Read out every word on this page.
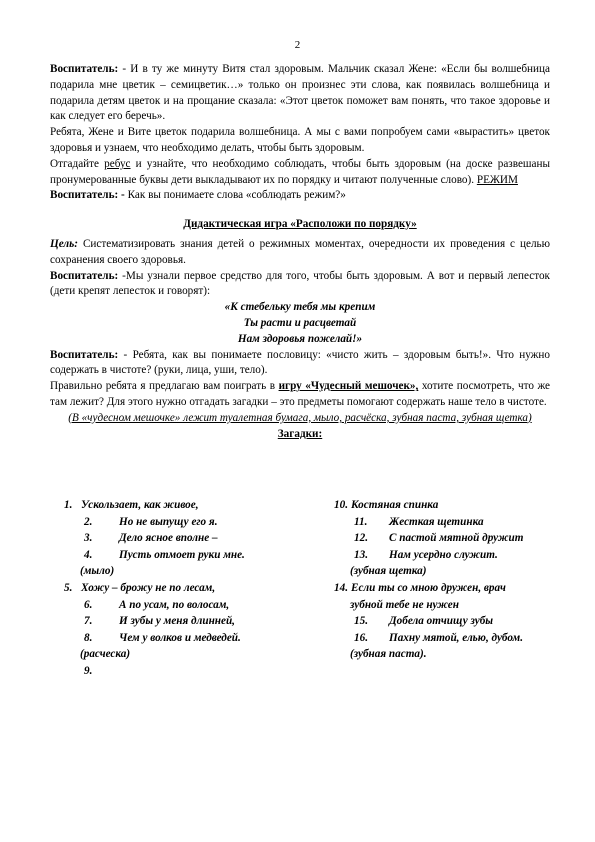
2

Воспитатель: - И в ту же минуту Витя стал здоровым. Мальчик сказал Жене: «Если бы волшебница подарила мне цветик – семицветик…» только он произнес эти слова, как появилась волшебница и подарила детям цветок и на прощание сказала: «Этот цветок поможет вам понять, что такое здоровье и как следует его беречь».

Ребята, Жене и Вите цветок подарила волшебница. А мы с вами попробуем сами «вырастить» цветок здоровья и узнаем, что необходимо делать, чтобы быть здоровым.

Отгадайте ребус и узнайте, что необходимо соблюдать, чтобы быть здоровым (на доске развешаны пронумерованные буквы дети выкладывают их по порядку и читают полученные слово). РЕЖИМ

Воспитатель: - Как вы понимаете слова «соблюдать режим?»

Дидактическая игра «Расположи по порядку»

Цель: Систематизировать знания детей о режимных моментах, очередности их проведения с целью сохранения своего здоровья.

Воспитатель: -Мы узнали первое средство для того, чтобы быть здоровым. А вот и первый лепесток (дети крепят лепесток и говорят):

«К стебельку тебя мы крепим

Ты расти и расцветай

Нам здоровья пожелай!»

Воспитатель: - Ребята, как вы понимаете пословицу: «чисто жить – здоровым быть!». Что нужно содержать в чистоте? (руки, лица, уши, тело).

Правильно ребята я предлагаю вам поиграть в игру «Чудесный мешочек», хотите посмотреть, что же там лежит? Для этого нужно отгадать загадки – это предметы помогают содержать наше тело в чистоте.

(В «чудесном мешочке» лежит туалетная бумага, мыло, расчёска, зубная паста, зубная щетка)

Загадки:

1. Ускользает, как живое,
2. Но не выпущу его я.
3. Дело ясное вполне –
4. Пусть отмоет руки мне.
(мыло)
5. Хожу – брожу не по лесам,
6. А по усам, по волосам,
7. И зубы у меня длинней,
8. Чем у волков и медведей.
(расческа)
9.
10. Костяная спинка
11. Жесткая щетинка
12. С пастой мятной дружит
13. Нам усердно служит.
(зубная щетка)
14. Если ты со мною дружен, врач
зубной тебе не нужен
15. Добела отчищу зубы
16. Пахну мятой, елью, дубом.
(зубная паста).
